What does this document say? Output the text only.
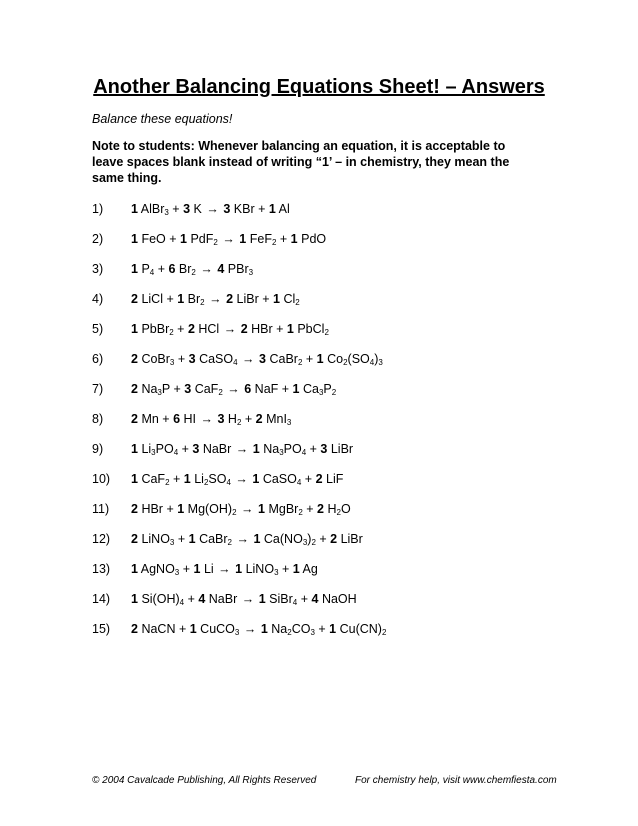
Another Balancing Equations Sheet! – Answers
Balance these equations!
Note to students: Whenever balancing an equation, it is acceptable to leave spaces blank instead of writing “1’ – in chemistry, they mean the same thing.
1) 1 AlBr$_3$ + 3 K → 3 KBr + 1 Al
2) 1 FeO + 1 PdF$_2$ → 1 FeF$_2$ + 1 PdO
3) 1 $P_4 + 6$ $Br_2 \to 4$ PBr$_3$
4) 2 LiCl + 1 $Br_2 \to 2$ LiBr + 1 $Cl_2$
5) 1 PbBr$_2$ + 2 HCl → 2 HBr + 1 PbCl$_2$
6) 2 CoBr$_3$ + 3 CaSO$_4$ → 3 CaBr$_2$ + 1 $Co_2(SO_4)_3$
7) 2 $Na_3P + 3$ CaF$_2$ → 6 NaF + 1 $Ca_3P_2$
8) 2 Mn + 6 HI → 3 $H_2 + 2$ MnI$_3$
9) 1 $Li_3PO_4 + 3$ NaBr → 1 $Na_3PO_4 + 3$ LiBr
10) 1 CaF$_2$ + 1 $Li_2SO_4 \to 1$ CaSO$_4$ + 2 LiF
11) 2 HBr + 1 $Mg(OH)_2 \to 1$ MgBr$_2$ + 2 $H_2O$
12) 2 LiNO$_3$ + 1 CaBr$_2$ → 1 $Ca(NO_3)_2 + 2$ LiBr
13) 1 AgNO$_3$ + 1 Li → 1 LiNO$_3$ + 1 Ag
14) 1 $Si(OH)_4 + 4$ NaBr → 1 SiBr$_4$ + 4 NaOH
15) 2 NaCN + 1 CuCO$_3$ → 1 $Na_2CO_3 + 1$ $Cu(CN)_2$
© 2004 Cavalcade Publishing, All Rights Reserved	For chemistry help, visit www.chemfiesta.com
